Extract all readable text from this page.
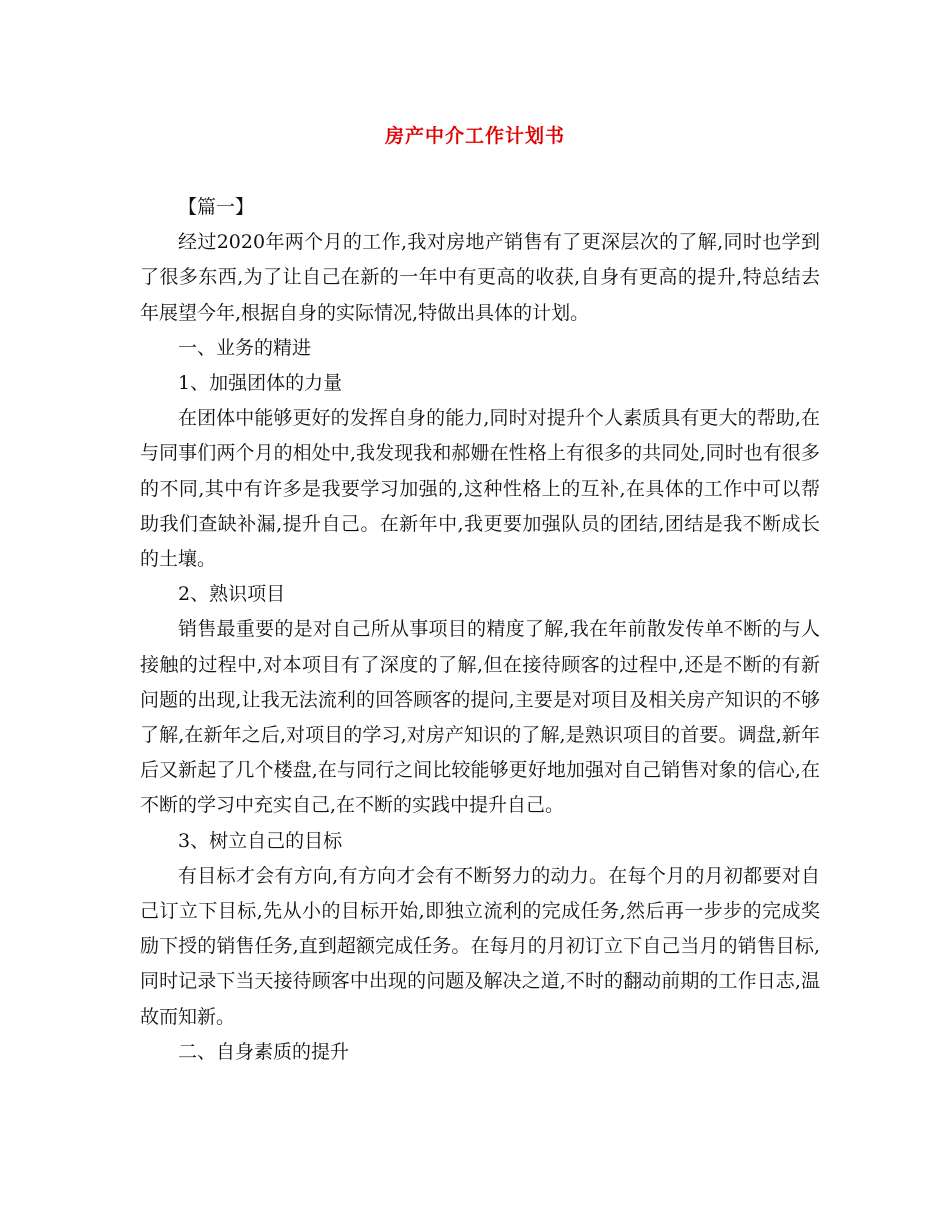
房产中介工作计划书

【篇一】

经过2020年两个月的工作,我对房地产销售有了更深层次的了解,同时也学到了很多东西,为了让自己在新的一年中有更高的收获,自身有更高的提升,特总结去年展望今年,根据自身的实际情况,特做出具体的计划。

一、业务的精进

1、加强团体的力量

在团体中能够更好的发挥自身的能力,同时对提升个人素质具有更大的帮助,在与同事们两个月的相处中,我发现我和郝姗在性格上有很多的共同处,同时也有很多的不同,其中有许多是我要学习加强的,这种性格上的互补,在具体的工作中可以帮助我们查缺补漏,提升自己。在新年中,我更要加强队员的团结,团结是我不断成长的土壤。

2、熟识项目

销售最重要的是对自己所从事项目的精度了解,我在年前散发传单不断的与人接触的过程中,对本项目有了深度的了解,但在接待顾客的过程中,还是不断的有新问题的出现,让我无法流利的回答顾客的提问,主要是对项目及相关房产知识的不够了解,在新年之后,对项目的学习,对房产知识的了解,是熟识项目的首要。调盘,新年后又新起了几个楼盘,在与同行之间比较能够更好地加强对自己销售对象的信心,在不断的学习中充实自己,在不断的实践中提升自己。

3、树立自己的目标

有目标才会有方向,有方向才会有不断努力的动力。在每个月的月初都要对自己订立下目标,先从小的目标开始,即独立流利的完成任务,然后再一步步的完成奖励下授的销售任务,直到超额完成任务。在每月的月初订立下自己当月的销售目标,同时记录下当天接待顾客中出现的问题及解决之道,不时的翻动前期的工作日志,温故而知新。

二、自身素质的提升
